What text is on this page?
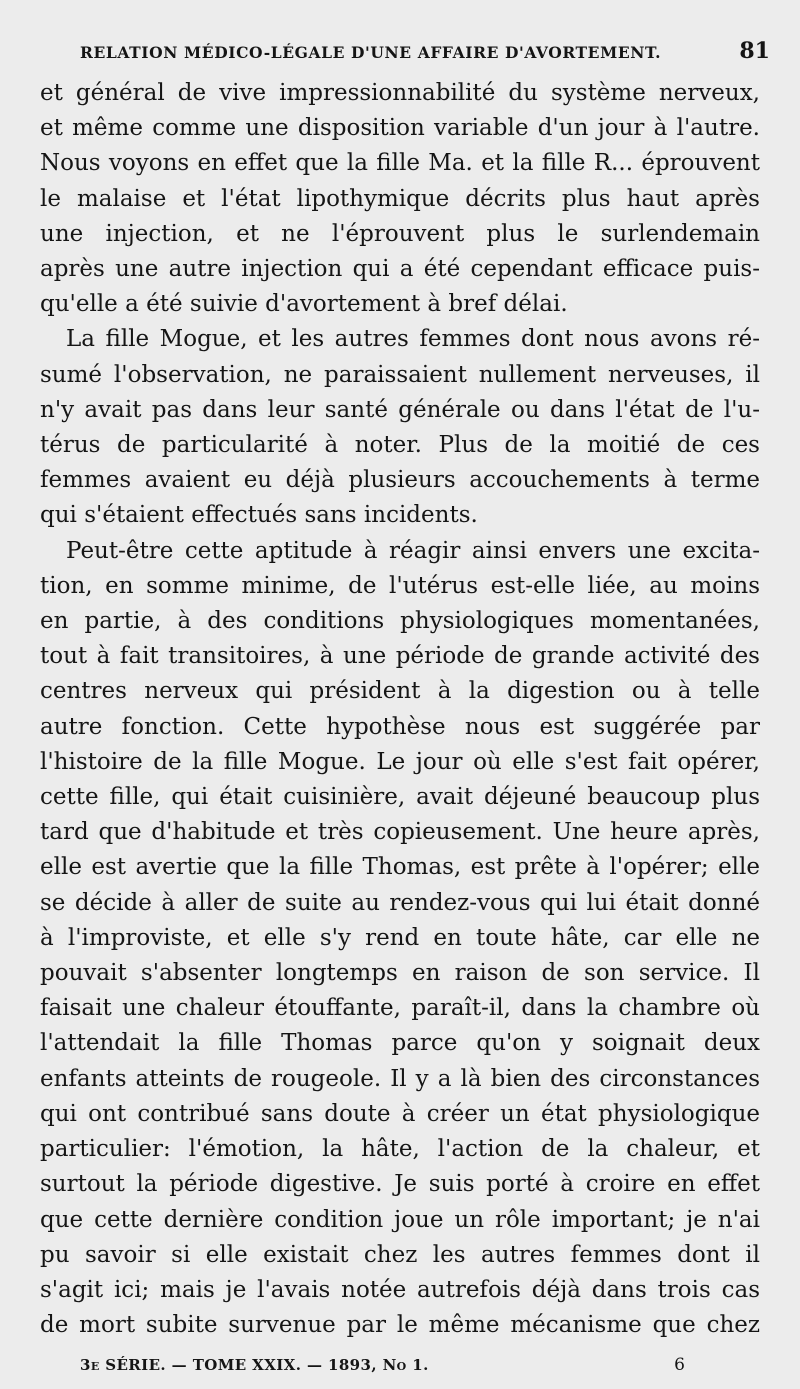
RELATION MÉDICO-LÉGALE D'UNE AFFAIRE D'AVORTEMENT.	81
et général de vive impressionnabilité du système nerveux,
et même comme une disposition variable d'un jour à l'autre.
Nous voyons en effet que la fille Ma. et la fille R... éprouvent
le malaise et l'état lipothymique décrits plus haut après
une injection, et ne l'éprouvent plus le surlendemain
après une autre injection qui a été cependant efficace puis-
qu'elle a été suivie d'avortement à bref délai.
La fille Mogue, et les autres femmes dont nous avons ré-
sumé l'observation, ne paraissaient nullement nerveuses, il
n'y avait pas dans leur santé générale ou dans l'état de l'u-
térus de particularité à noter. Plus de la moitié de ces
femmes avaient eu déjà plusieurs accouchements à terme
qui s'étaient effectués sans incidents.
Peut-être cette aptitude à réagir ainsi envers une excita-
tion, en somme minime, de l'utérus est-elle liée, au moins
en partie, à des conditions physiologiques momentanées,
tout à fait transitoires, à une période de grande activité des
centres nerveux qui président à la digestion ou à telle
autre fonction. Cette hypothèse nous est suggérée par
l'histoire de la fille Mogue. Le jour où elle s'est fait opérer,
cette fille, qui était cuisinière, avait déjeuné beaucoup plus
tard que d'habitude et très copieusement. Une heure après,
elle est avertie que la fille Thomas, est prête à l'opérer; elle
se décide à aller de suite au rendez-vous qui lui était donné
à l'improviste, et elle s'y rend en toute hâte, car elle ne
pouvait s'absenter longtemps en raison de son service. Il
faisait une chaleur étouffante, paraît-il, dans la chambre où
l'attendait la fille Thomas parce qu'on y soignait deux
enfants atteints de rougeole. Il y a là bien des circonstances
qui ont contribué sans doute à créer un état physiologique
particulier: l'émotion, la hâte, l'action de la chaleur, et
surtout la période digestive. Je suis porté à croire en effet
que cette dernière condition joue un rôle important; je n'ai
pu savoir si elle existait chez les autres femmes dont il
s'agit ici; mais je l'avais notée autrefois déjà dans trois cas
de mort subite survenue par le même mécanisme que chez
3e SÉRIE. — TOME XXIX. — 1893, No 1.	6
